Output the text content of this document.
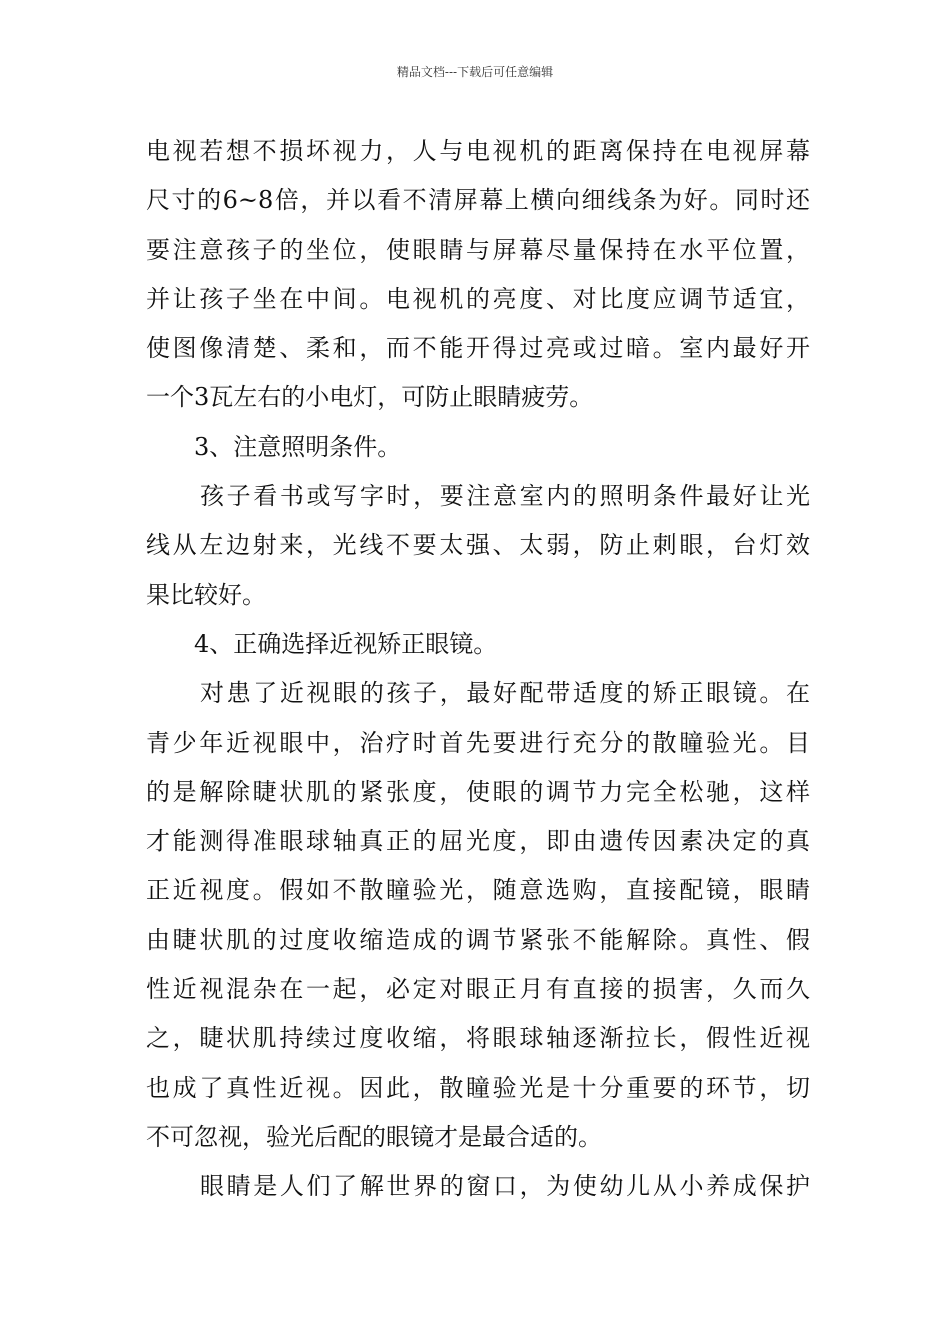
精品文档---下载后可任意编辑
电视若想不损坏视力，人与电视机的距离保持在电视屏幕
尺寸的6~8倍，并以看不清屏幕上横向细线条为好。同时还
要注意孩子的坐位，使眼睛与屏幕尽量保持在水平位置，
并让孩子坐在中间。电视机的亮度、对比度应调节适宜，
使图像清楚、柔和，而不能开得过亮或过暗。室内最好开
一个3瓦左右的小电灯，可防止眼睛疲劳。
3、注意照明条件。
孩子看书或写字时，要注意室内的照明条件最好让光
线从左边射来，光线不要太强、太弱，防止刺眼，台灯效
果比较好。
4、正确选择近视矫正眼镜。
对患了近视眼的孩子，最好配带适度的矫正眼镜。在
青少年近视眼中，治疗时首先要进行充分的散瞳验光。目
的是解除睫状肌的紧张度，使眼的调节力完全松驰，这样
才能测得准眼球轴真正的屈光度，即由遗传因素决定的真
正近视度。假如不散瞳验光，随意选购，直接配镜，眼睛
由睫状肌的过度收缩造成的调节紧张不能解除。真性、假
性近视混杂在一起，必定对眼正月有直接的损害，久而久
之，睫状肌持续过度收缩，将眼球轴逐渐拉长，假性近视
也成了真性近视。因此，散瞳验光是十分重要的环节，切
不可忽视，验光后配的眼镜才是最合适的。
眼睛是人们了解世界的窗口，为使幼儿从小养成保护
